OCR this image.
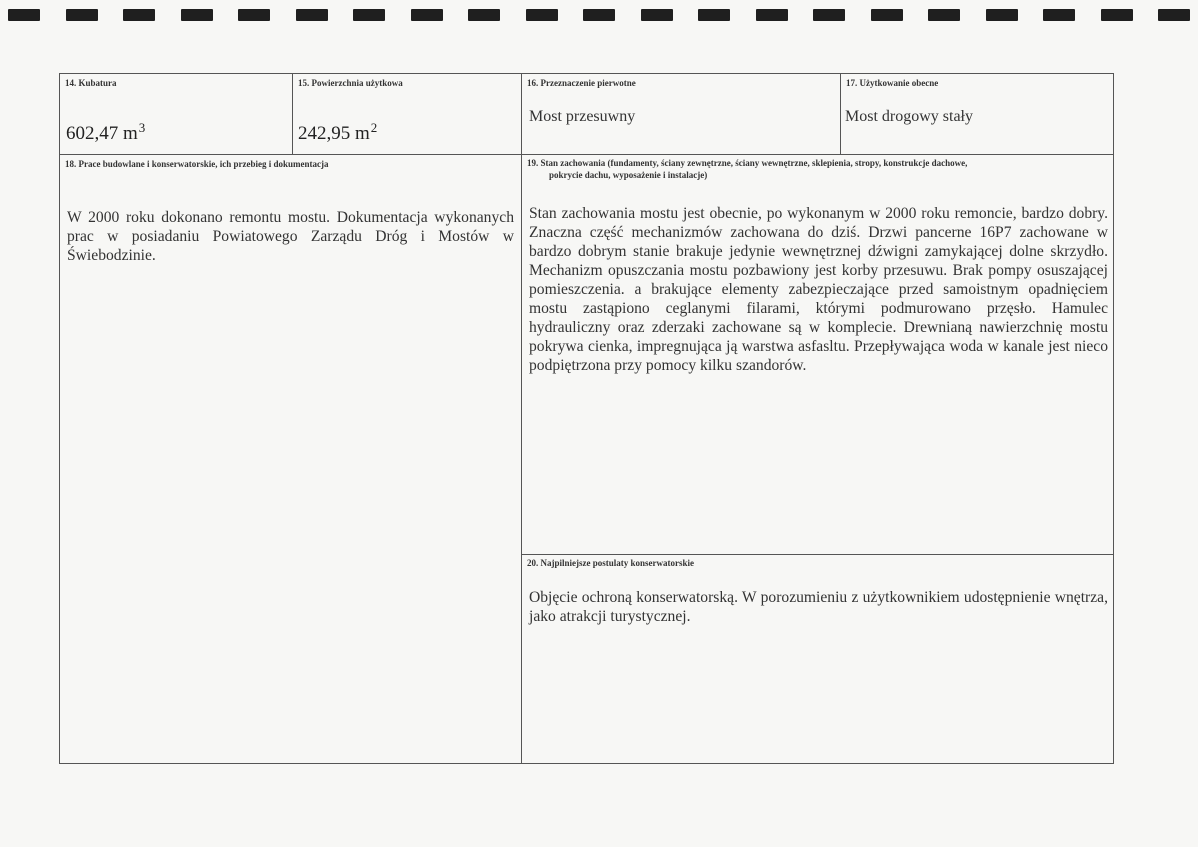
14. Kubatura
602,47 $m^3$
15. Powierzchnia użytkowa
242,95 $m^2$
16. Przeznaczenie pierwotne
Most przesuwny
17. Użytkowanie obecne
Most drogowy stały
18. Prace budowlane i konserwatorskie, ich przebieg i dokumentacja
W 2000 roku dokonano remontu mostu. Dokumentacja wykonanych prac w posiadaniu Powiatowego Zarządu Dróg i Mostów w Świebodzinie.
19. Stan zachowania (fundamenty, ściany zewnętrzne, ściany wewnętrzne, sklepienia, stropy, konstrukcje dachowe,
pokrycie dachu, wyposażenie i instalacje)
Stan zachowania mostu jest obecnie, po wykonanym w 2000 roku remoncie, bardzo dobry. Znaczna część mechanizmów zachowana do dziś. Drzwi pancerne 16P7 zachowane w bardzo dobrym stanie brakuje jedynie wewnętrznej dźwigni zamykającej dolne skrzydło. Mechanizm opuszczania mostu pozbawiony jest korby przesuwu. Brak pompy osuszającej pomieszczenia. a brakujące elementy zabezpieczające przed samoistnym opadnięciem mostu zastąpiono ceglanymi filarami, którymi podmurowano przęsło. Hamulec hydrauliczny oraz zderzaki zachowane są w komplecie. Drewnianą nawierzchnię mostu pokrywa cienka, impregnująca ją warstwa asfasltu. Przepływająca woda w kanale jest nieco podpiętrzona przy pomocy kilku szandorów.
20. Najpilniejsze postulaty konserwatorskie
Objęcie ochroną konserwatorską. W porozumieniu z użytkownikiem udostępnienie wnętrza, jako atrakcji turystycznej.
